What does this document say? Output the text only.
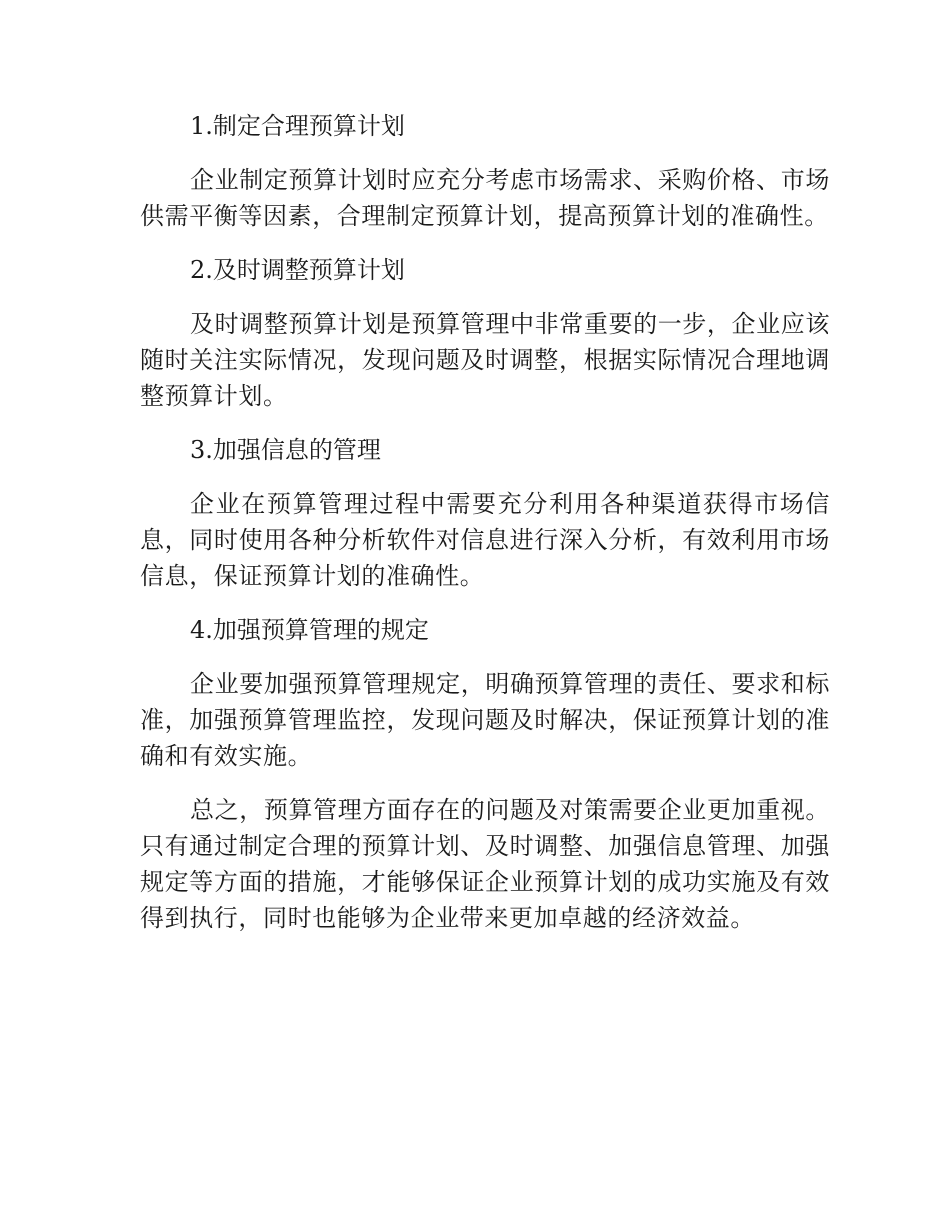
1.制定合理预算计划

企业制定预算计划时应充分考虑市场需求、采购价格、市场供需平衡等因素，合理制定预算计划，提高预算计划的准确性。

2.及时调整预算计划

及时调整预算计划是预算管理中非常重要的一步，企业应该随时关注实际情况，发现问题及时调整，根据实际情况合理地调整预算计划。

3.加强信息的管理

企业在预算管理过程中需要充分利用各种渠道获得市场信息，同时使用各种分析软件对信息进行深入分析，有效利用市场信息，保证预算计划的准确性。

4.加强预算管理的规定

企业要加强预算管理规定，明确预算管理的责任、要求和标准，加强预算管理监控，发现问题及时解决，保证预算计划的准确和有效实施。

总之，预算管理方面存在的问题及对策需要企业更加重视。只有通过制定合理的预算计划、及时调整、加强信息管理、加强规定等方面的措施，才能够保证企业预算计划的成功实施及有效得到执行，同时也能够为企业带来更加卓越的经济效益。
